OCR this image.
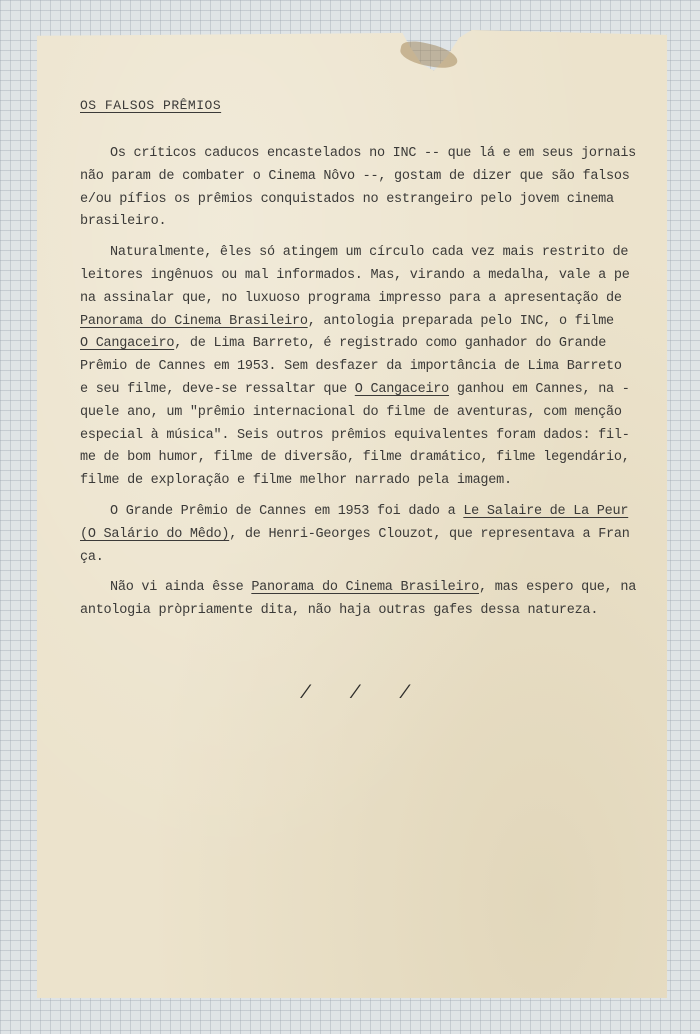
OS FALSOS PRÊMIOS
Os críticos caducos encastelados no INC -- que lá e em seus jornais
não param de combater o Cinema Nôvo --, gostam de dizer que são falsos
e/ou pífios os prêmios conquistados no estrangeiro pelo jovem cinema
brasileiro.
Naturalmente, êles só atingem um círculo cada vez mais restrito de
leitores ingênuos ou mal informados. Mas, virando a medalha, vale a pe
na assinalar que, no luxuoso programa impresso para a apresentação de
Panorama do Cinema Brasileiro, antologia preparada pelo INC, o filme
O Cangaceiro, de Lima Barreto, é registrado como ganhador do Grande
Prêmio de Cannes em 1953. Sem desfazer da importância de Lima Barreto
e seu filme, deve-se ressaltar que O Cangaceiro ganhou em Cannes, na -
quele ano, um "prêmio internacional do filme de aventuras, com menção
especial à música". Seis outros prêmios equivalentes foram dados: fil-
me de bom humor, filme de diversão, filme dramático, filme legendário,
filme de exploração e filme melhor narrado pela imagem.
O Grande Prêmio de Cannes em 1953 foi dado a Le Salaire de La Peur
(O Salário do Mêdo), de Henri-Georges Clouzot, que representava a Fran
ça.
Não vi ainda êsse Panorama do Cinema Brasileiro, mas espero que, na
antologia pròpriamente dita, não haja outras gafes dessa natureza.
/ / /
